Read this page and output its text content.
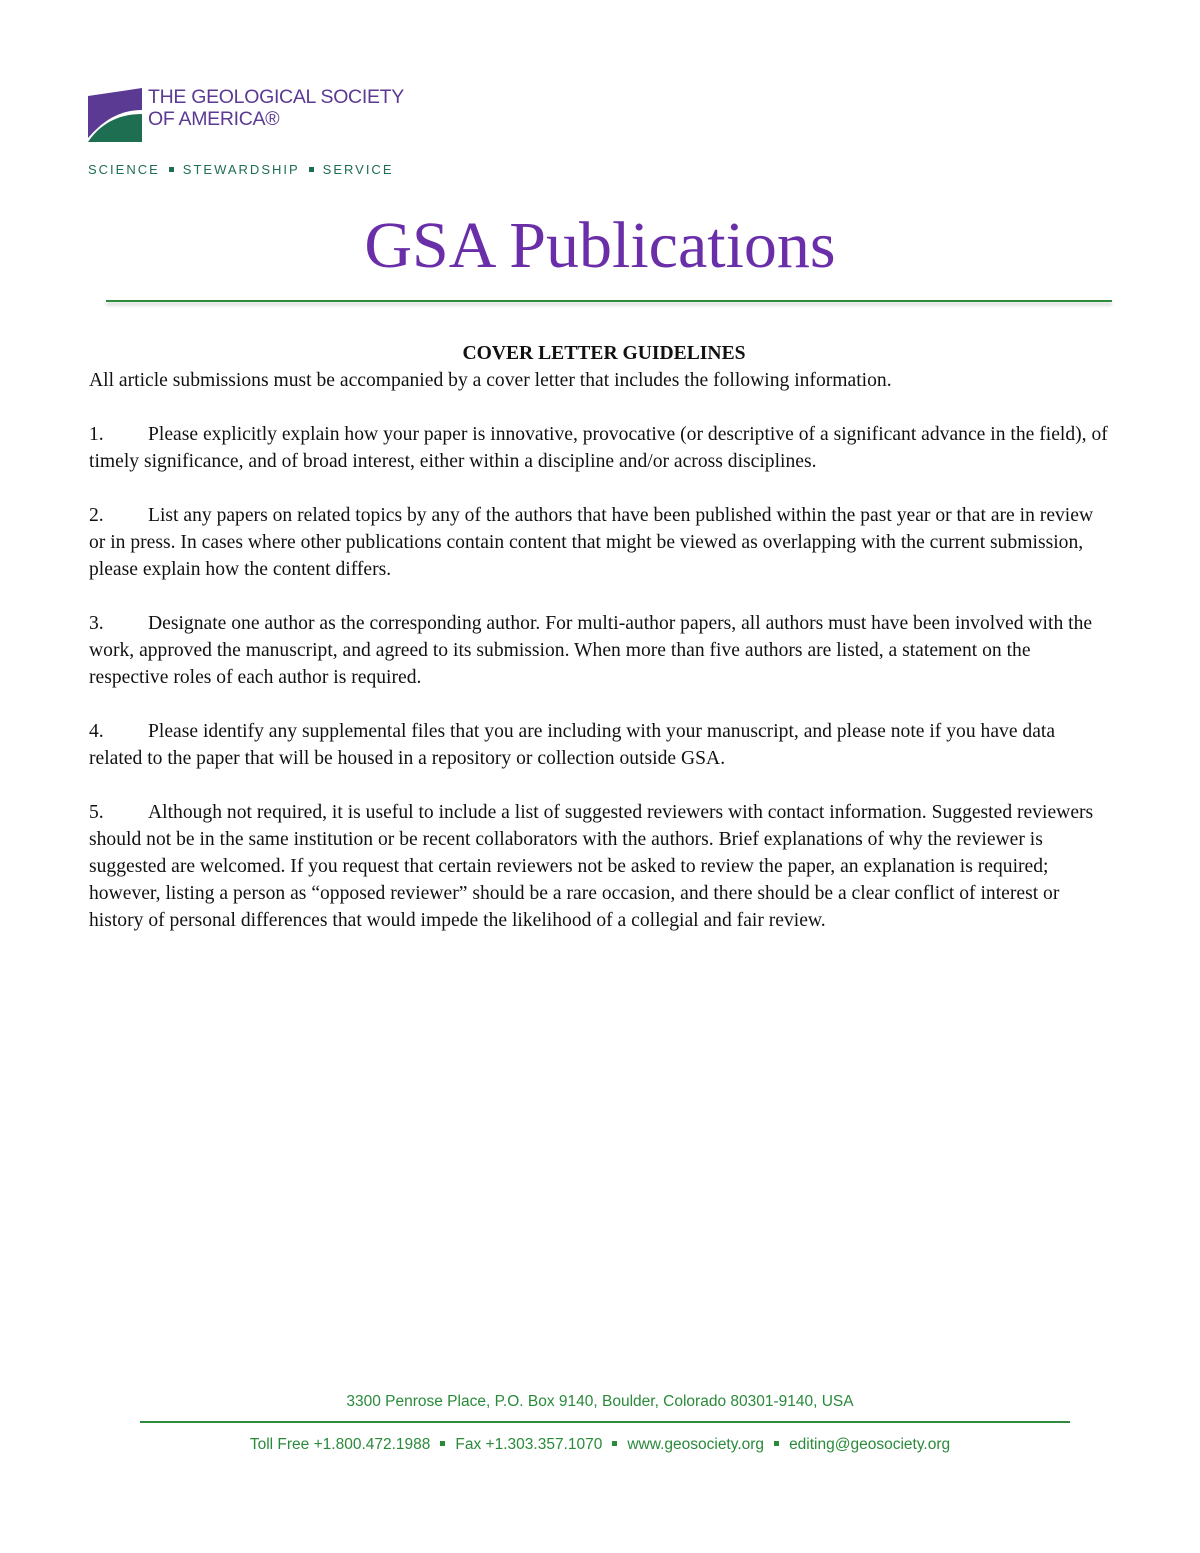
THE GEOLOGICAL SOCIETY
OF AMERICA®
SCIENCE STEWARDSHIP SERVICE
GSA Publications

COVER LETTER GUIDELINES

All article submissions must be accompanied by a cover letter that includes the following information.

1. Please explicitly explain how your paper is innovative, provocative (or descriptive of a significant advance in the field), of timely significance, and of broad interest, either within a discipline and/or across disciplines.

2. List any papers on related topics by any of the authors that have been published within the past year or that are in review or in press. In cases where other publications contain content that might be viewed as overlapping with the current submission, please explain how the content differs.

3. Designate one author as the corresponding author. For multi-author papers, all authors must have been involved with the work, approved the manuscript, and agreed to its submission. When more than five authors are listed, a statement on the respective roles of each author is required.

4. Please identify any supplemental files that you are including with your manuscript, and please note if you have data related to the paper that will be housed in a repository or collection outside GSA.

5. Although not required, it is useful to include a list of suggested reviewers with contact information. Suggested reviewers should not be in the same institution or be recent collaborators with the authors. Brief explanations of why the reviewer is suggested are welcomed. If you request that certain reviewers not be asked to review the paper, an explanation is required; however, listing a person as “opposed reviewer” should be a rare occasion, and there should be a clear conflict of interest or history of personal differences that would impede the likelihood of a collegial and fair review.

3300 Penrose Place, P.O. Box 9140, Boulder, Colorado 80301-9140, USA
Toll Free +1.800.472.1988 Fax +1.303.357.1070 www.geosociety.org editing@geosociety.org
